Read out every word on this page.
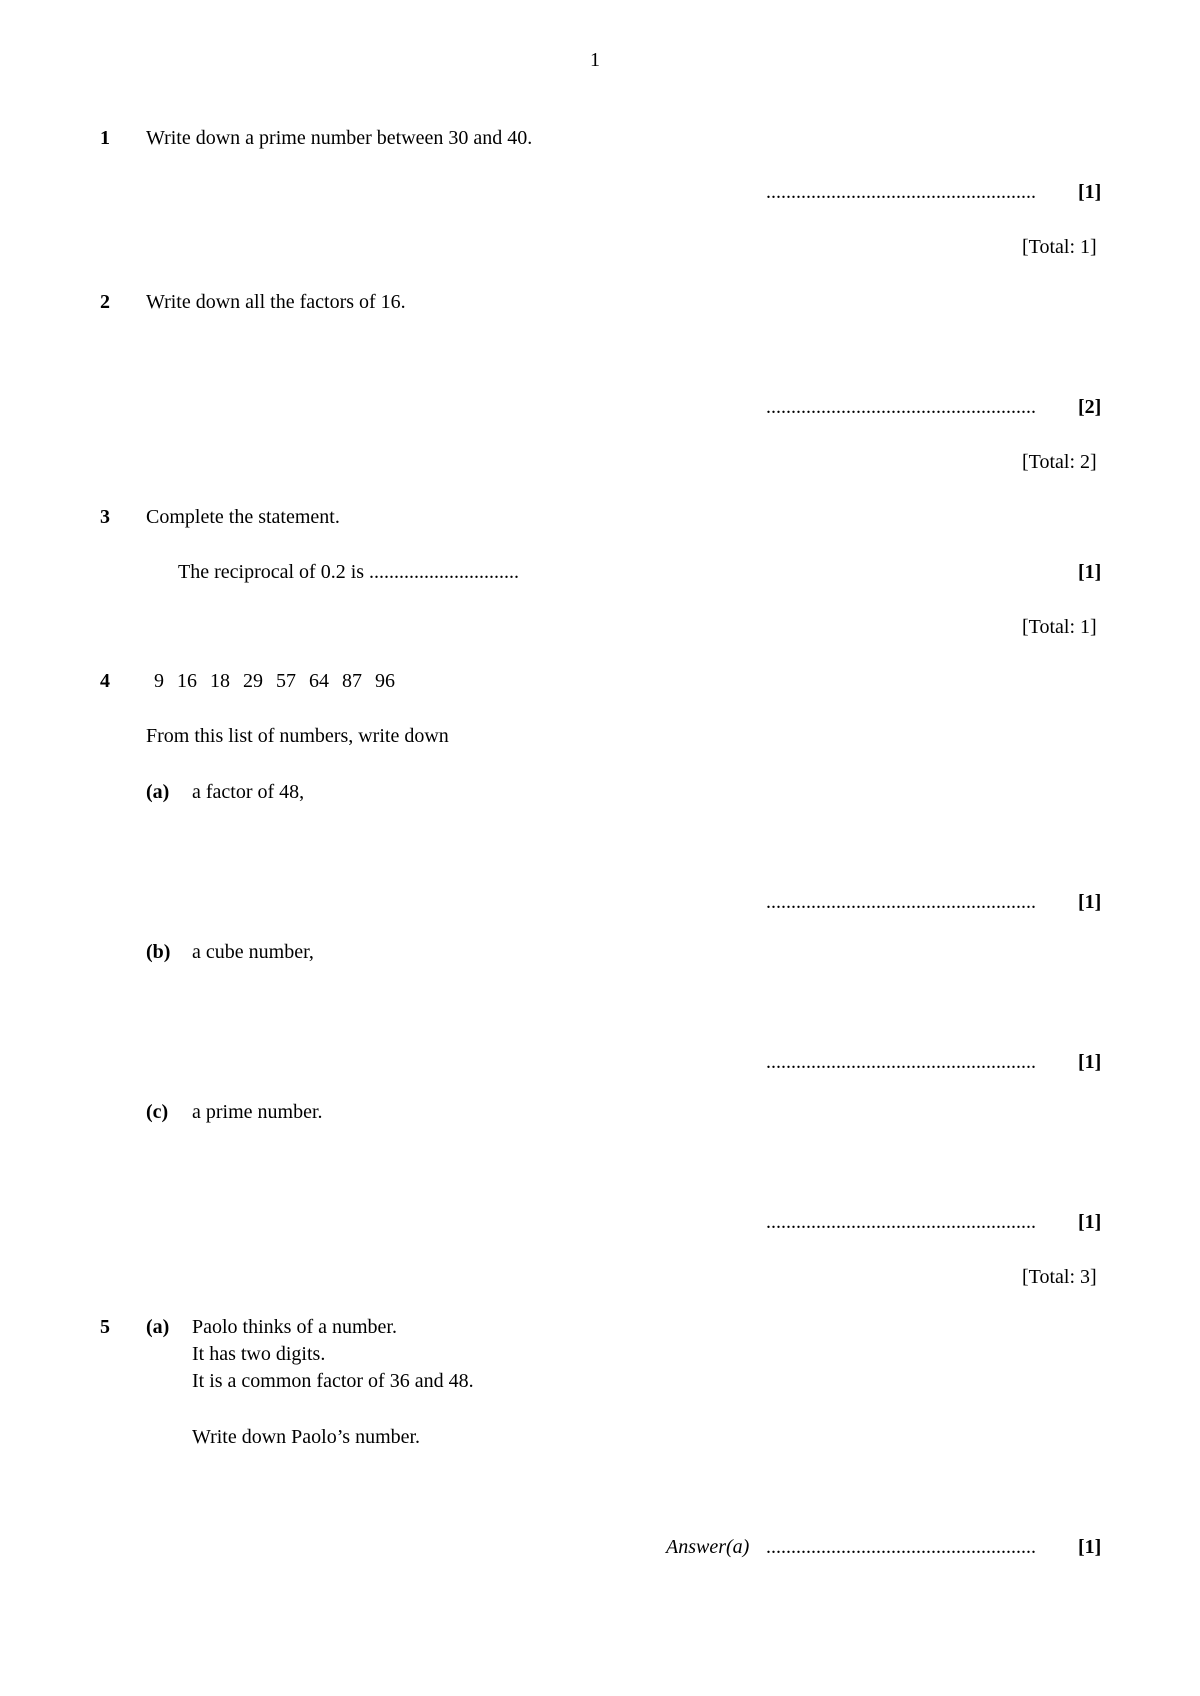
1
1 Write down a prime number between 30 and 40.
...................................................... [1]
[Total: 1]
2 Write down all the factors of 16.
...................................................... [2]
[Total: 2]
3 Complete the statement.
The reciprocal of 0.2 is ..............................	[1]
[Total: 1]
4 9 16 18 29 57 64 87 96
From this list of numbers, write down
(a) a factor of 48,
...................................................... [1]
(b) a cube number,
...................................................... [1]
(c) a prime number.
...................................................... [1]
[Total: 3]
5 (a) Paolo thinks of a number.
It has two digits.
It is a common factor of 36 and 48.
Write down Paolo’s number.
Answer(a) ...................................................... [1]
